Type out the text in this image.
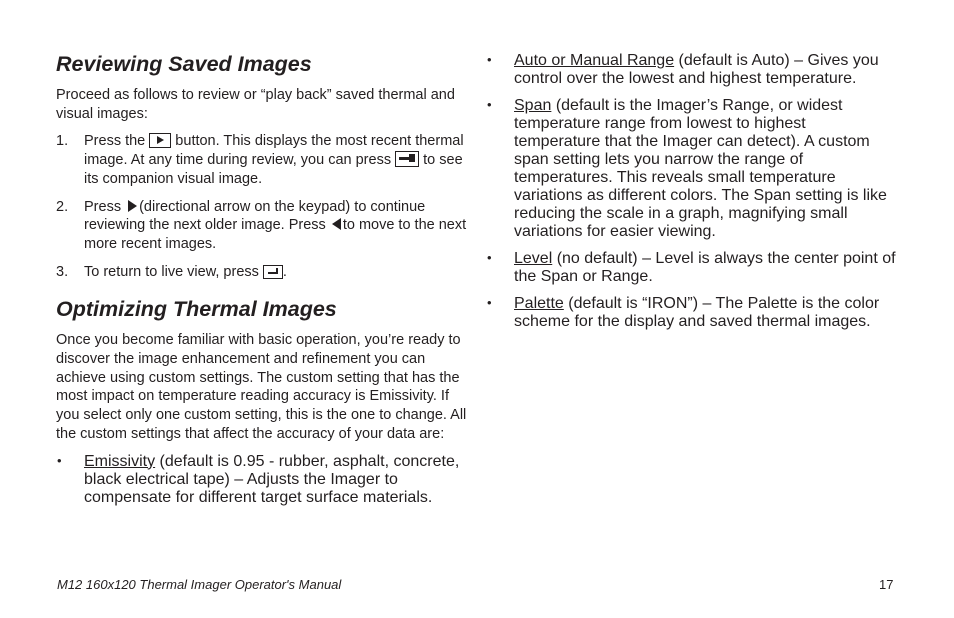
Reviewing Saved Images

Proceed as follows to review or “play back” saved thermal and visual images:

1. Press the  button. This displays the most recent thermal image. At any time during review, you can press  to see its companion visual image.
2. Press (directional arrow on the keypad) to continue reviewing the next older image. Press to move to the next more recent images.
3. To return to live view, press .
Optimizing Thermal Images

Once you become familiar with basic operation, you’re ready to discover the image enhancement and refinement you can achieve using custom settings. The custom setting that has the most impact on temperature reading accuracy is Emissivity. If you select only one custom setting, this is the one to change. All the custom settings that affect the accuracy of your data are:

• Emissivity (default is 0.95 - rubber, asphalt, concrete, black electrical tape) – Adjusts the Imager to compensate for different target surface materials.
• Auto or Manual Range (default is Auto) – Gives you control over the lowest and highest temperature.
• Span (default is the Imager’s Range, or widest temperature range from lowest to highest temperature that the Imager can detect). A custom span setting lets you narrow the range of temperatures. This reveals small temperature variations as different colors. The Span setting is like reducing the scale in a graph, magnifying small variations for easier viewing.
• Level (no default) – Level is always the center point of the Span or Range.
• Palette (default is “IRON”) – The Palette is the color scheme for the display and saved thermal images.
M12 160x120 Thermal Imager Operator's Manual	17
